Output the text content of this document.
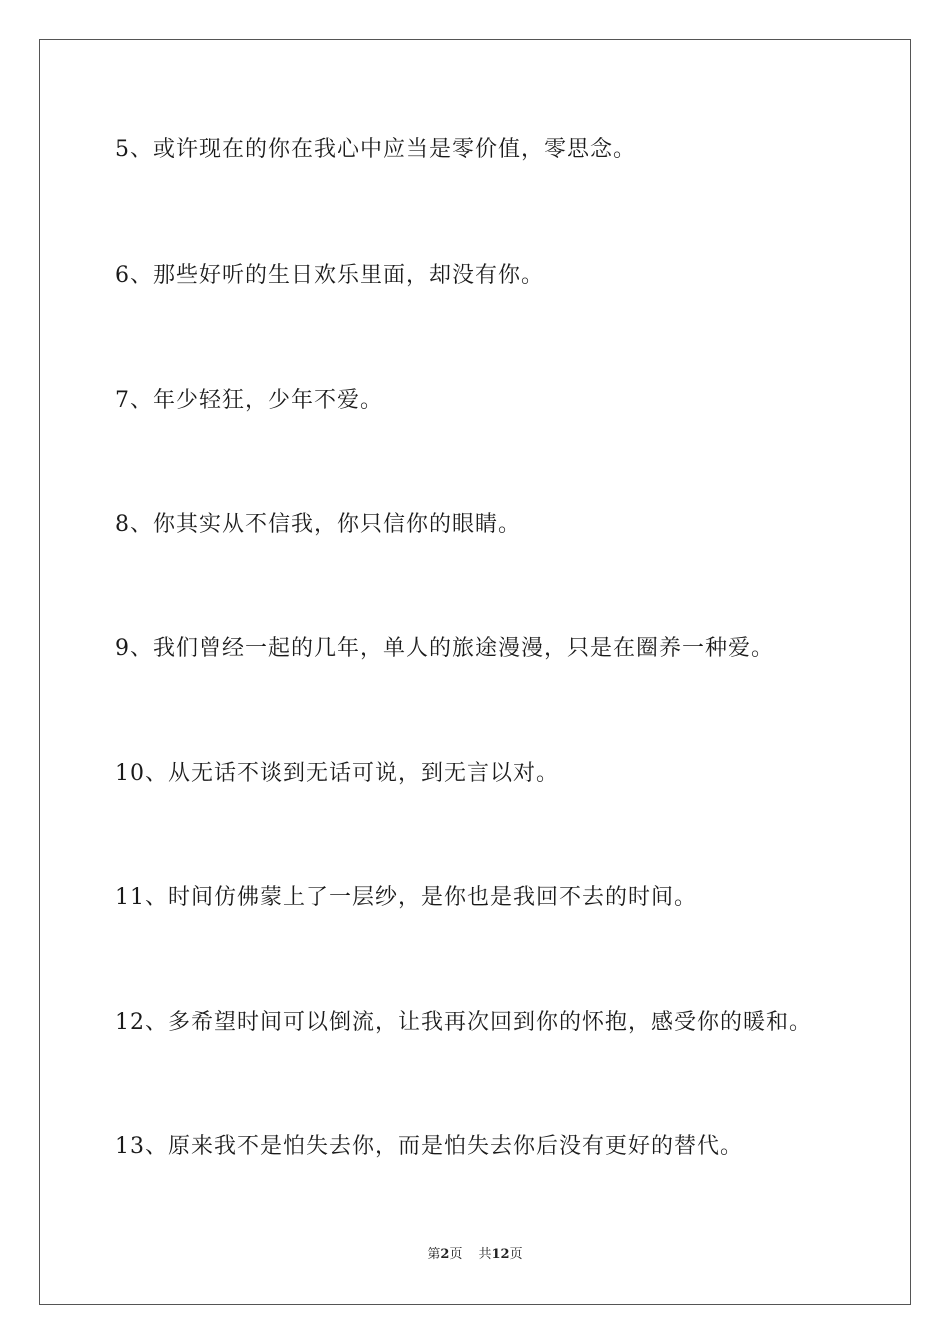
5、或许现在的你在我心中应当是零价值，零思念。
6、那些好听的生日欢乐里面，却没有你。
7、年少轻狂，少年不爱。
8、你其实从不信我，你只信你的眼睛。
9、我们曾经一起的几年，单人的旅途漫漫，只是在圈养一种爱。
10、从无话不谈到无话可说，到无言以对。
11、时间仿佛蒙上了一层纱，是你也是我回不去的时间。
12、多希望时间可以倒流，让我再次回到你的怀抱，感受你的暖和。
13、原来我不是怕失去你，而是怕失去你后没有更好的替代。
第2页 共12页
